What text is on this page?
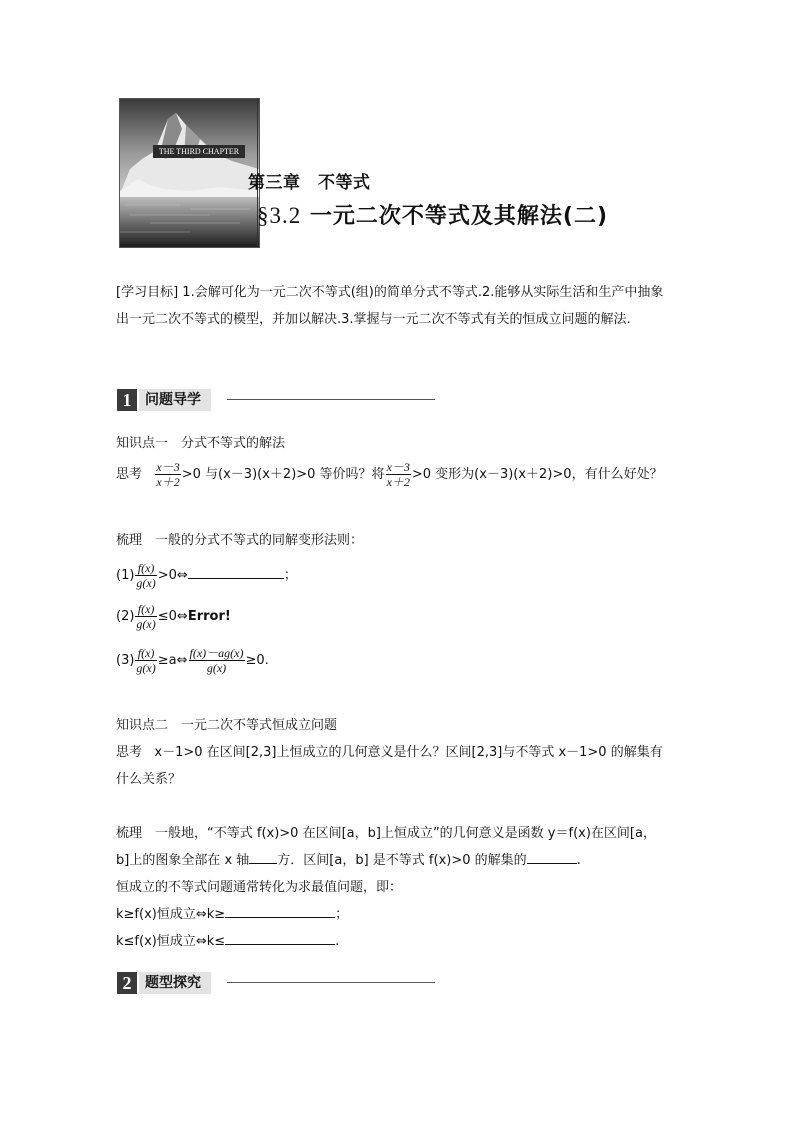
THE THIRD CHAPTER
第三章　不等式
§3.2 一元二次不等式及其解法(二)
[学习目标] 1.会解可化为一元二次不等式(组)的简单分式不等式.2.能够从实际生活和生产中抽象出一元二次不等式的模型，并加以解决.3.掌握与一元二次不等式有关的恒成立问题的解法.
1 问题导学
知识点一　分式不等式的解法
思考 $\frac{x-3}{x+2} >0$ 与(x－3)(x＋2)>0 等价吗？将 $\frac{x-3}{x+2} >0$ 变形为(x－3)(x＋2)>0，有什么好处？
梳理　一般的分式不等式的同解变形法则：
$(1) \frac{f(x)}{g(x)}$ >0⇔	；
$(2) \frac{f(x)}{g(x)}$ ≤0⇔Error!
$(3) \frac{f(x)}{g(x)}$ ≥a⇔ $\frac{f(x)-ag(x)}{g(x)} \ge 0$.
知识点二　一元二次不等式恒成立问题
思考 x－1>0 在区间[2,3]上恒成立的几何意义是什么？区间[2,3]与不等式 x－1>0 的解集有
什么关系？
梳理　一般地，“不等式 f(x)>0 在区间[a，b]上恒成立”的几何意义是函数 y＝f(x)在区间[a，
b]上的图象全部在 x 轴 方．区间[a，b] 是不等式 f(x)>0 的解集的	.
恒成立的不等式问题通常转化为求最值问题，即：
k≥f(x)恒成立⇔k≥	；
k≤f(x)恒成立⇔k≤	.
2 题型探究
